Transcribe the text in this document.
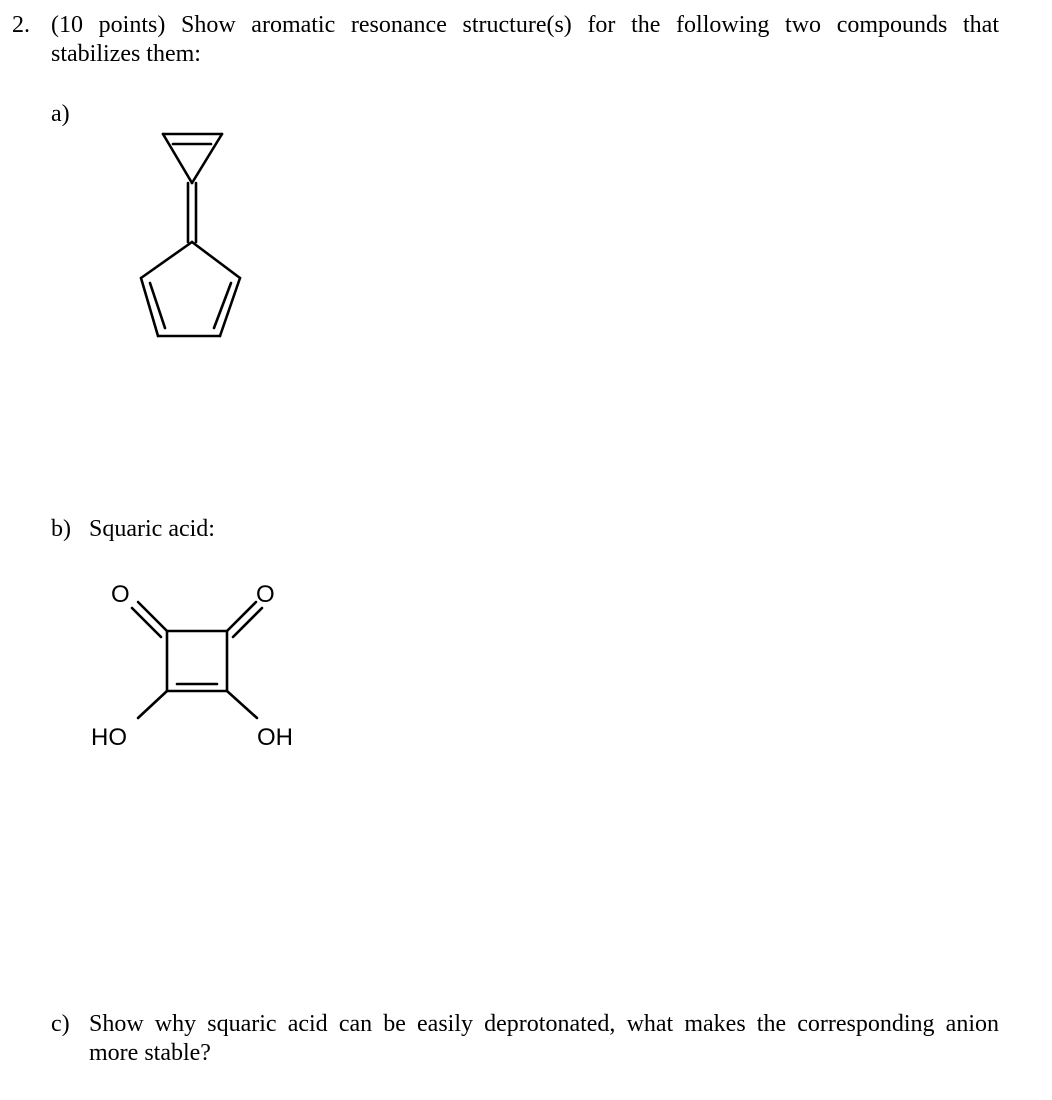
2. (10 points) Show aromatic resonance structure(s) for the following two compounds that
stabilizes them:
a)
b) Squaric acid:
O	O
HO	OH
c) Show why squaric acid can be easily deprotonated, what makes the corresponding anion
more stable?
